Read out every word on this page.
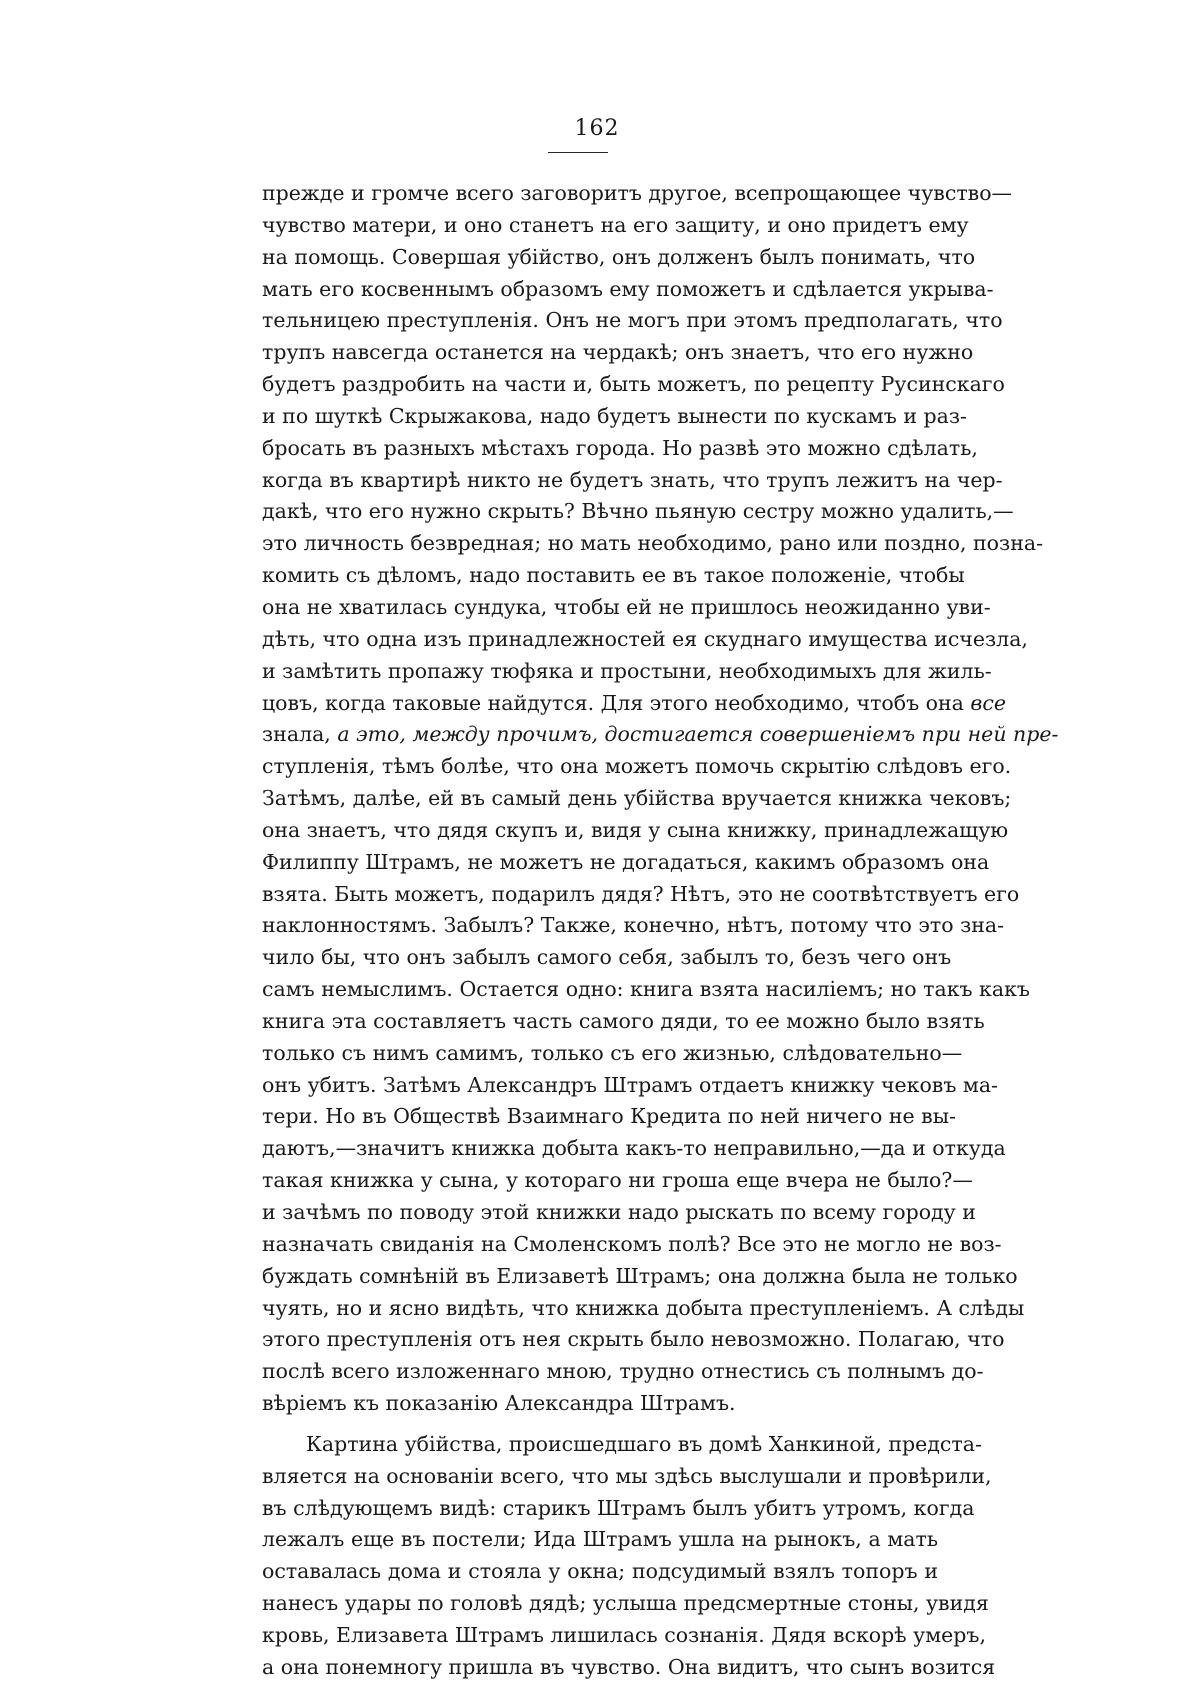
162
прежде и громче всего заговоритъ другое, всепрощающее чувство—
чувство матери, и оно станетъ на его защиту, и оно придетъ ему
на помощь. Совершая убійство, онъ долженъ былъ понимать, что
мать его косвеннымъ образомъ ему поможетъ и сдѣлается укрыва-
тельницею преступленія. Онъ не могъ при этомъ предполагать, что
трупъ навсегда останется на чердакѣ; онъ знаетъ, что его нужно
будетъ раздробить на части и, быть можетъ, по рецепту Русинскаго
и по шуткѣ Скрыжакова, надо будетъ вынести по кускамъ и раз-
бросать въ разныхъ мѣстахъ города. Но развѣ это можно сдѣлать,
когда въ квартирѣ никто не будетъ знать, что трупъ лежитъ на чер-
дакѣ, что его нужно скрыть? Вѣчно пьяную сестру можно удалить,—
это личность безвредная; но мать необходимо, рано или поздно, позна-
комить съ дѣломъ, надо поставить ее въ такое положеніе, чтобы
она не хватилась сундука, чтобы ей не пришлось неожиданно уви-
дѣть, что одна изъ принадлежностей ея скуднаго имущества исчезла,
и замѣтить пропажу тюфяка и простыни, необходимыхъ для жиль-
цовъ, когда таковые найдутся. Для этого необходимо, чтобъ она все
знала, а это, между прочимъ, достигается совершеніемъ при ней пре-
ступленія, тѣмъ болѣе, что она можетъ помочь скрытію слѣдовъ его.
Затѣмъ, далѣе, ей въ самый день убійства вручается книжка чековъ;
она знаетъ, что дядя скупъ и, видя у сына книжку, принадлежащую
Филиппу Штрамъ, не можетъ не догадаться, какимъ образомъ она
взята. Быть можетъ, подарилъ дядя? Нѣтъ, это не соотвѣтствуетъ его
наклонностямъ. Забылъ? Также, конечно, нѣтъ, потому что это зна-
чило бы, что онъ забылъ самого себя, забылъ то, безъ чего онъ
самъ немыслимъ. Остается одно: книга взята насиліемъ; но такъ какъ
книга эта составляетъ часть самого дяди, то ее можно было взять
только съ нимъ самимъ, только съ его жизнью, слѣдовательно—
онъ убитъ. Затѣмъ Александръ Штрамъ отдаетъ книжку чековъ ма-
тери. Но въ Обществѣ Взаимнаго Кредита по ней ничего не вы-
даютъ,—значитъ книжка добыта какъ-то неправильно,—да и откуда
такая книжка у сына, у котораго ни гроша еще вчера не было?—
и зачѣмъ по поводу этой книжки надо рыскать по всему городу и
назначать свиданія на Смоленскомъ полѣ? Все это не могло не воз-
буждать сомнѣній въ Елизаветѣ Штрамъ; она должна была не только
чуять, но и ясно видѣть, что книжка добыта преступленіемъ. А слѣды
этого преступленія отъ нея скрыть было невозможно. Полагаю, что
послѣ всего изложеннаго мною, трудно отнестись съ полнымъ до-
вѣріемъ къ показанію Александра Штрамъ.
Картина убійства, происшедшаго въ домѣ Ханкиной, предста-
вляется на основаніи всего, что мы здѣсь выслушали и провѣрили,
въ слѣдующемъ видѣ: старикъ Штрамъ былъ убитъ утромъ, когда
лежалъ еще въ постели; Ида Штрамъ ушла на рынокъ, а мать
оставалась дома и стояла у окна; подсудимый взялъ топоръ и
нанесъ удары по головѣ дядѣ; услыша предсмертные стоны, увидя
кровь, Елизавета Штрамъ лишилась сознанія. Дядя вскорѣ умеръ,
а она понемногу пришла въ чувство. Она видитъ, что сынъ возится
